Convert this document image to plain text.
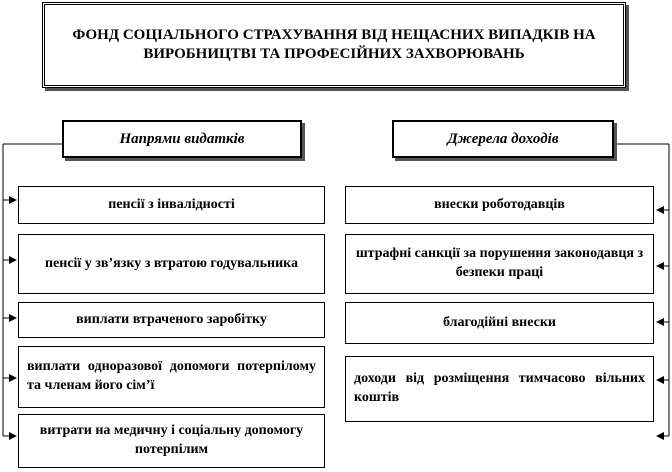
ФОНД СОЦІАЛЬНОГО СТРАХУВАННЯ ВІД НЕЩАСНИХ ВИПАДКІВ НА ВИРОБНИЦТВІ ТА ПРОФЕСІЙНИХ ЗАХВОРЮВАНЬ
Напрями видатків	Джерела доходів
пенсії з інвалідності
пенсії у зв’язку з втратою годувальника
виплати втраченого заробітку
виплати одноразової допомоги потерпілому та членам його сім’ї
витрати на медичну і соціальну допомогу потерпілим
внески роботодавців
штрафні санкції за порушення законодавця з безпеки праці
благодійні внески
доходи від розміщення тимчасово вільних коштів
